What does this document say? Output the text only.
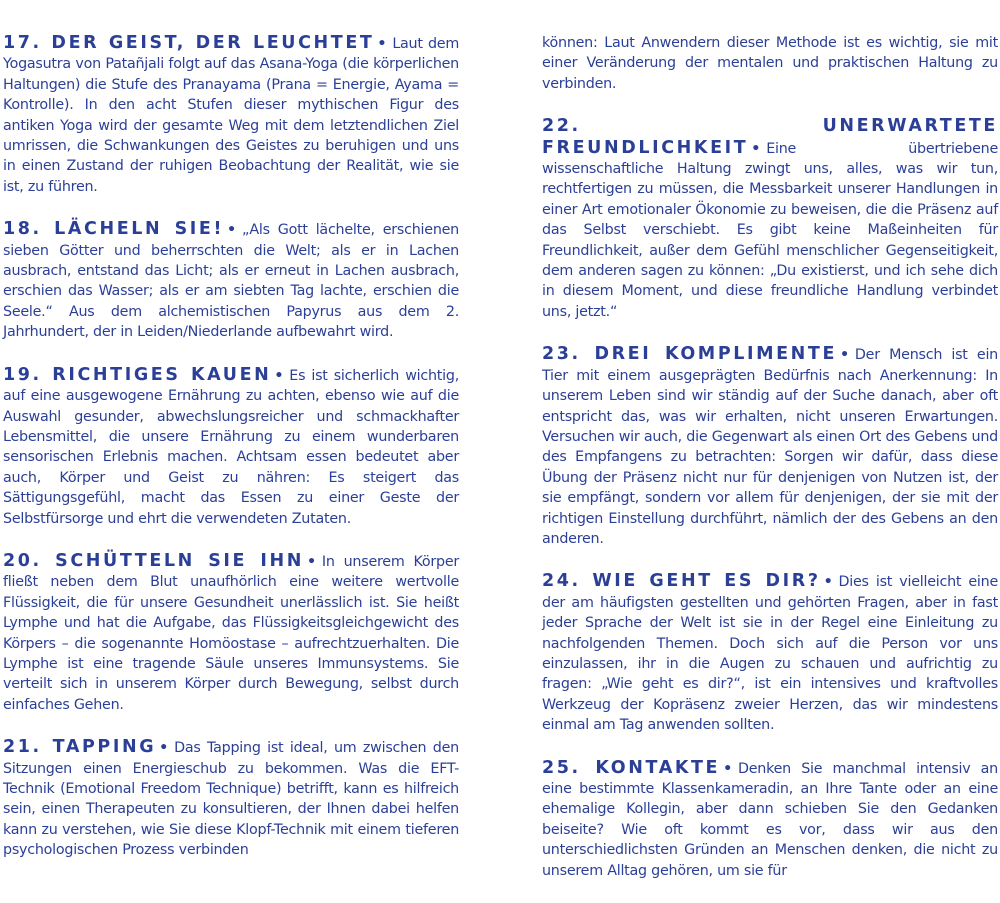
17. DER GEIST, DER LEUCHTET • Laut dem Yogasutra von Patañjali folgt auf das Asana-Yoga (die körperlichen Haltungen) die Stufe des Pranayama (Prana = Energie, Ayama = Kontrolle). In den acht Stufen dieser mythischen Figur des antiken Yoga wird der gesamte Weg mit dem letztendlichen Ziel umrissen, die Schwankungen des Geistes zu beruhigen und uns in einen Zustand der ruhigen Beobachtung der Realität, wie sie ist, zu führen.

18. LÄCHELN SIE! • „Als Gott lächelte, erschienen sieben Götter und beherrschten die Welt; als er in Lachen ausbrach, entstand das Licht; als er erneut in Lachen ausbrach, erschien das Wasser; als er am siebten Tag lachte, erschien die Seele.“ Aus dem alchemistischen Papyrus aus dem 2. Jahrhundert, der in Leiden/Niederlande aufbewahrt wird.

19. RICHTIGES KAUEN • Es ist sicherlich wichtig, auf eine ausgewogene Ernährung zu achten, ebenso wie auf die Auswahl gesunder, abwechslungsreicher und schmackhafter Lebensmittel, die unsere Ernährung zu einem wunderbaren sensorischen Erlebnis machen. Achtsam essen bedeutet aber auch, Körper und Geist zu nähren: Es steigert das Sättigungsgefühl, macht das Essen zu einer Geste der Selbstfürsorge und ehrt die verwendeten Zutaten.

20. SCHÜTTELN SIE IHN • In unserem Körper fließt neben dem Blut unaufhörlich eine weitere wertvolle Flüssigkeit, die für unsere Gesundheit unerlässlich ist. Sie heißt Lymphe und hat die Aufgabe, das Flüssigkeitsgleichgewicht des Körpers – die sogenannte Homöostase – aufrechtzuerhalten. Die Lymphe ist eine tragende Säule unseres Immunsystems. Sie verteilt sich in unserem Körper durch Bewegung, selbst durch einfaches Gehen.

21. TAPPING • Das Tapping ist ideal, um zwischen den Sitzungen einen Energieschub zu bekommen. Was die EFT-Technik (Emotional Freedom Technique) betrifft, kann es hilfreich sein, einen Therapeuten zu konsultieren, der Ihnen dabei helfen kann zu verstehen, wie Sie diese Klopf-Technik mit einem tieferen psychologischen Prozess verbinden

können: Laut Anwendern dieser Methode ist es wichtig, sie mit einer Veränderung der mentalen und praktischen Haltung zu verbinden.

22. UNERWARTETE FREUNDLICHKEIT • Eine übertriebene wissenschaftliche Haltung zwingt uns, alles, was wir tun, rechtfertigen zu müssen, die Messbarkeit unserer Handlungen in einer Art emotionaler Ökonomie zu beweisen, die die Präsenz auf das Selbst verschiebt. Es gibt keine Maßeinheiten für Freundlichkeit, außer dem Gefühl menschlicher Gegenseitigkeit, dem anderen sagen zu können: „Du existierst, und ich sehe dich in diesem Moment, und diese freundliche Handlung verbindet uns, jetzt.“

23. DREI KOMPLIMENTE • Der Mensch ist ein Tier mit einem ausgeprägten Bedürfnis nach Anerkennung: In unserem Leben sind wir ständig auf der Suche danach, aber oft entspricht das, was wir erhalten, nicht unseren Erwartungen. Versuchen wir auch, die Gegenwart als einen Ort des Gebens und des Empfangens zu betrachten: Sorgen wir dafür, dass diese Übung der Präsenz nicht nur für denjenigen von Nutzen ist, der sie empfängt, sondern vor allem für denjenigen, der sie mit der richtigen Einstellung durchführt, nämlich der des Gebens an den anderen.

24. WIE GEHT ES DIR? • Dies ist vielleicht eine der am häufigsten gestellten und gehörten Fragen, aber in fast jeder Sprache der Welt ist sie in der Regel eine Einleitung zu nachfolgenden Themen. Doch sich auf die Person vor uns einzulassen, ihr in die Augen zu schauen und aufrichtig zu fragen: „Wie geht es dir?“, ist ein intensives und kraftvolles Werkzeug der Kopräsenz zweier Herzen, das wir mindestens einmal am Tag anwenden sollten.

25. KONTAKTE • Denken Sie manchmal intensiv an eine bestimmte Klassenkameradin, an Ihre Tante oder an eine ehemalige Kollegin, aber dann schieben Sie den Gedanken beiseite? Wie oft kommt es vor, dass wir aus den unterschiedlichsten Gründen an Menschen denken, die nicht zu unserem Alltag gehören, um sie für
